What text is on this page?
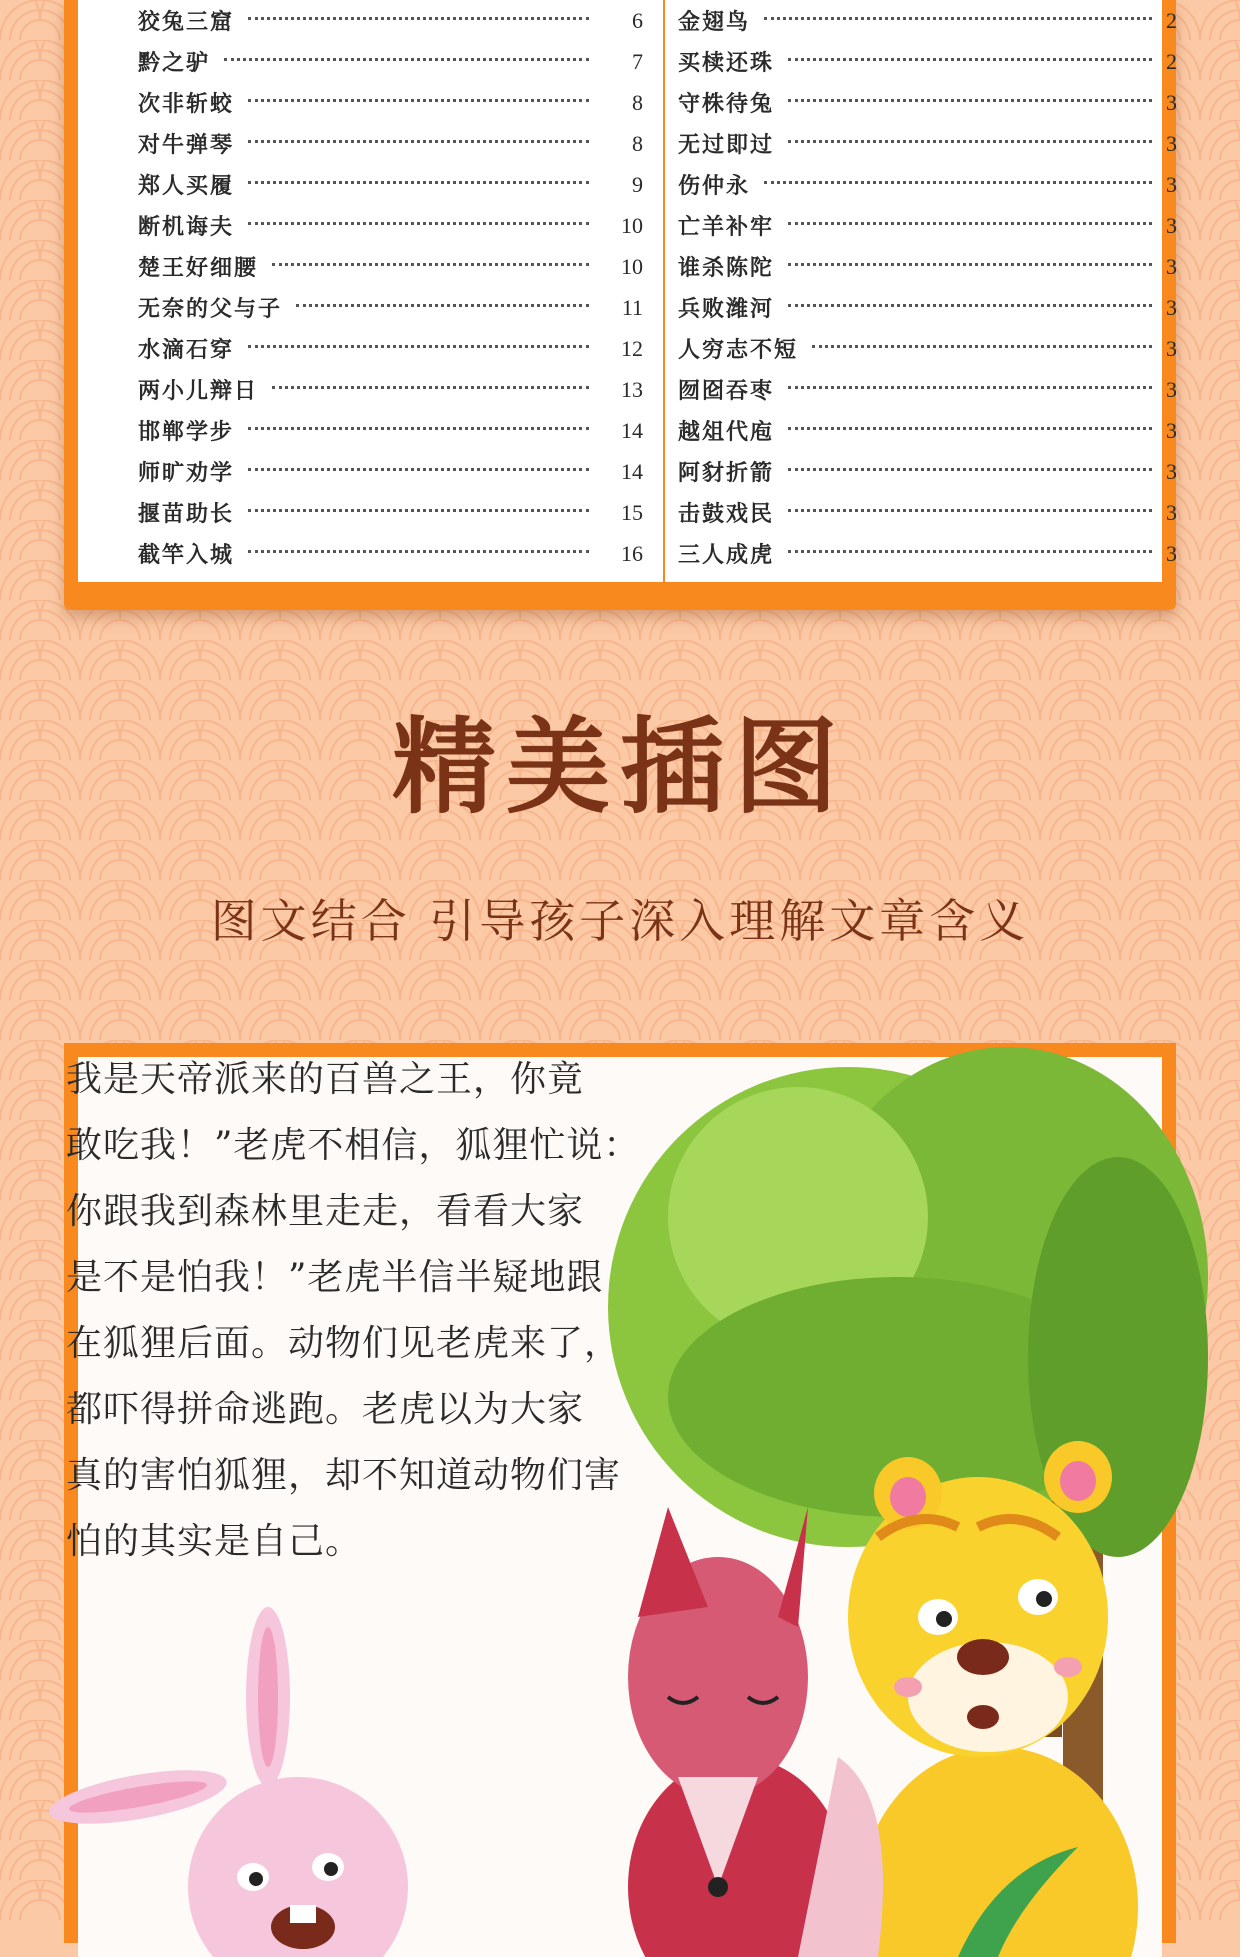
狡兔三窟	6
黔之驴	7
次非斩蛟	8
对牛弹琴	8
郑人买履	9
断机诲夫	10
楚王好细腰	10
无奈的父与子	11
水滴石穿	12
两小儿辩日	13
邯郸学步	14
师旷劝学	14
揠苗助长	15
截竿入城	16
金翅鸟	2
买椟还珠	2
守株待兔	3
无过即过	3
伤仲永	3
亡羊补牢	3
谁杀陈陀	3
兵败潍河	3
人穷志不短	3
囫囵吞枣	3
越俎代庖	3
阿豺折箭	3
击鼓戏民	3
三人成虎	3
精美插图
图文结合 引导孩子深入理解文章含义
我是天帝派来的百兽之王，你竟
敢吃我！”老虎不相信，狐狸忙说：
你跟我到森林里走走，看看大家
是不是怕我！”老虎半信半疑地跟
在狐狸后面。动物们见老虎来了，
都吓得拼命逃跑。老虎以为大家
真的害怕狐狸，却不知道动物们害
怕的其实是自己。
